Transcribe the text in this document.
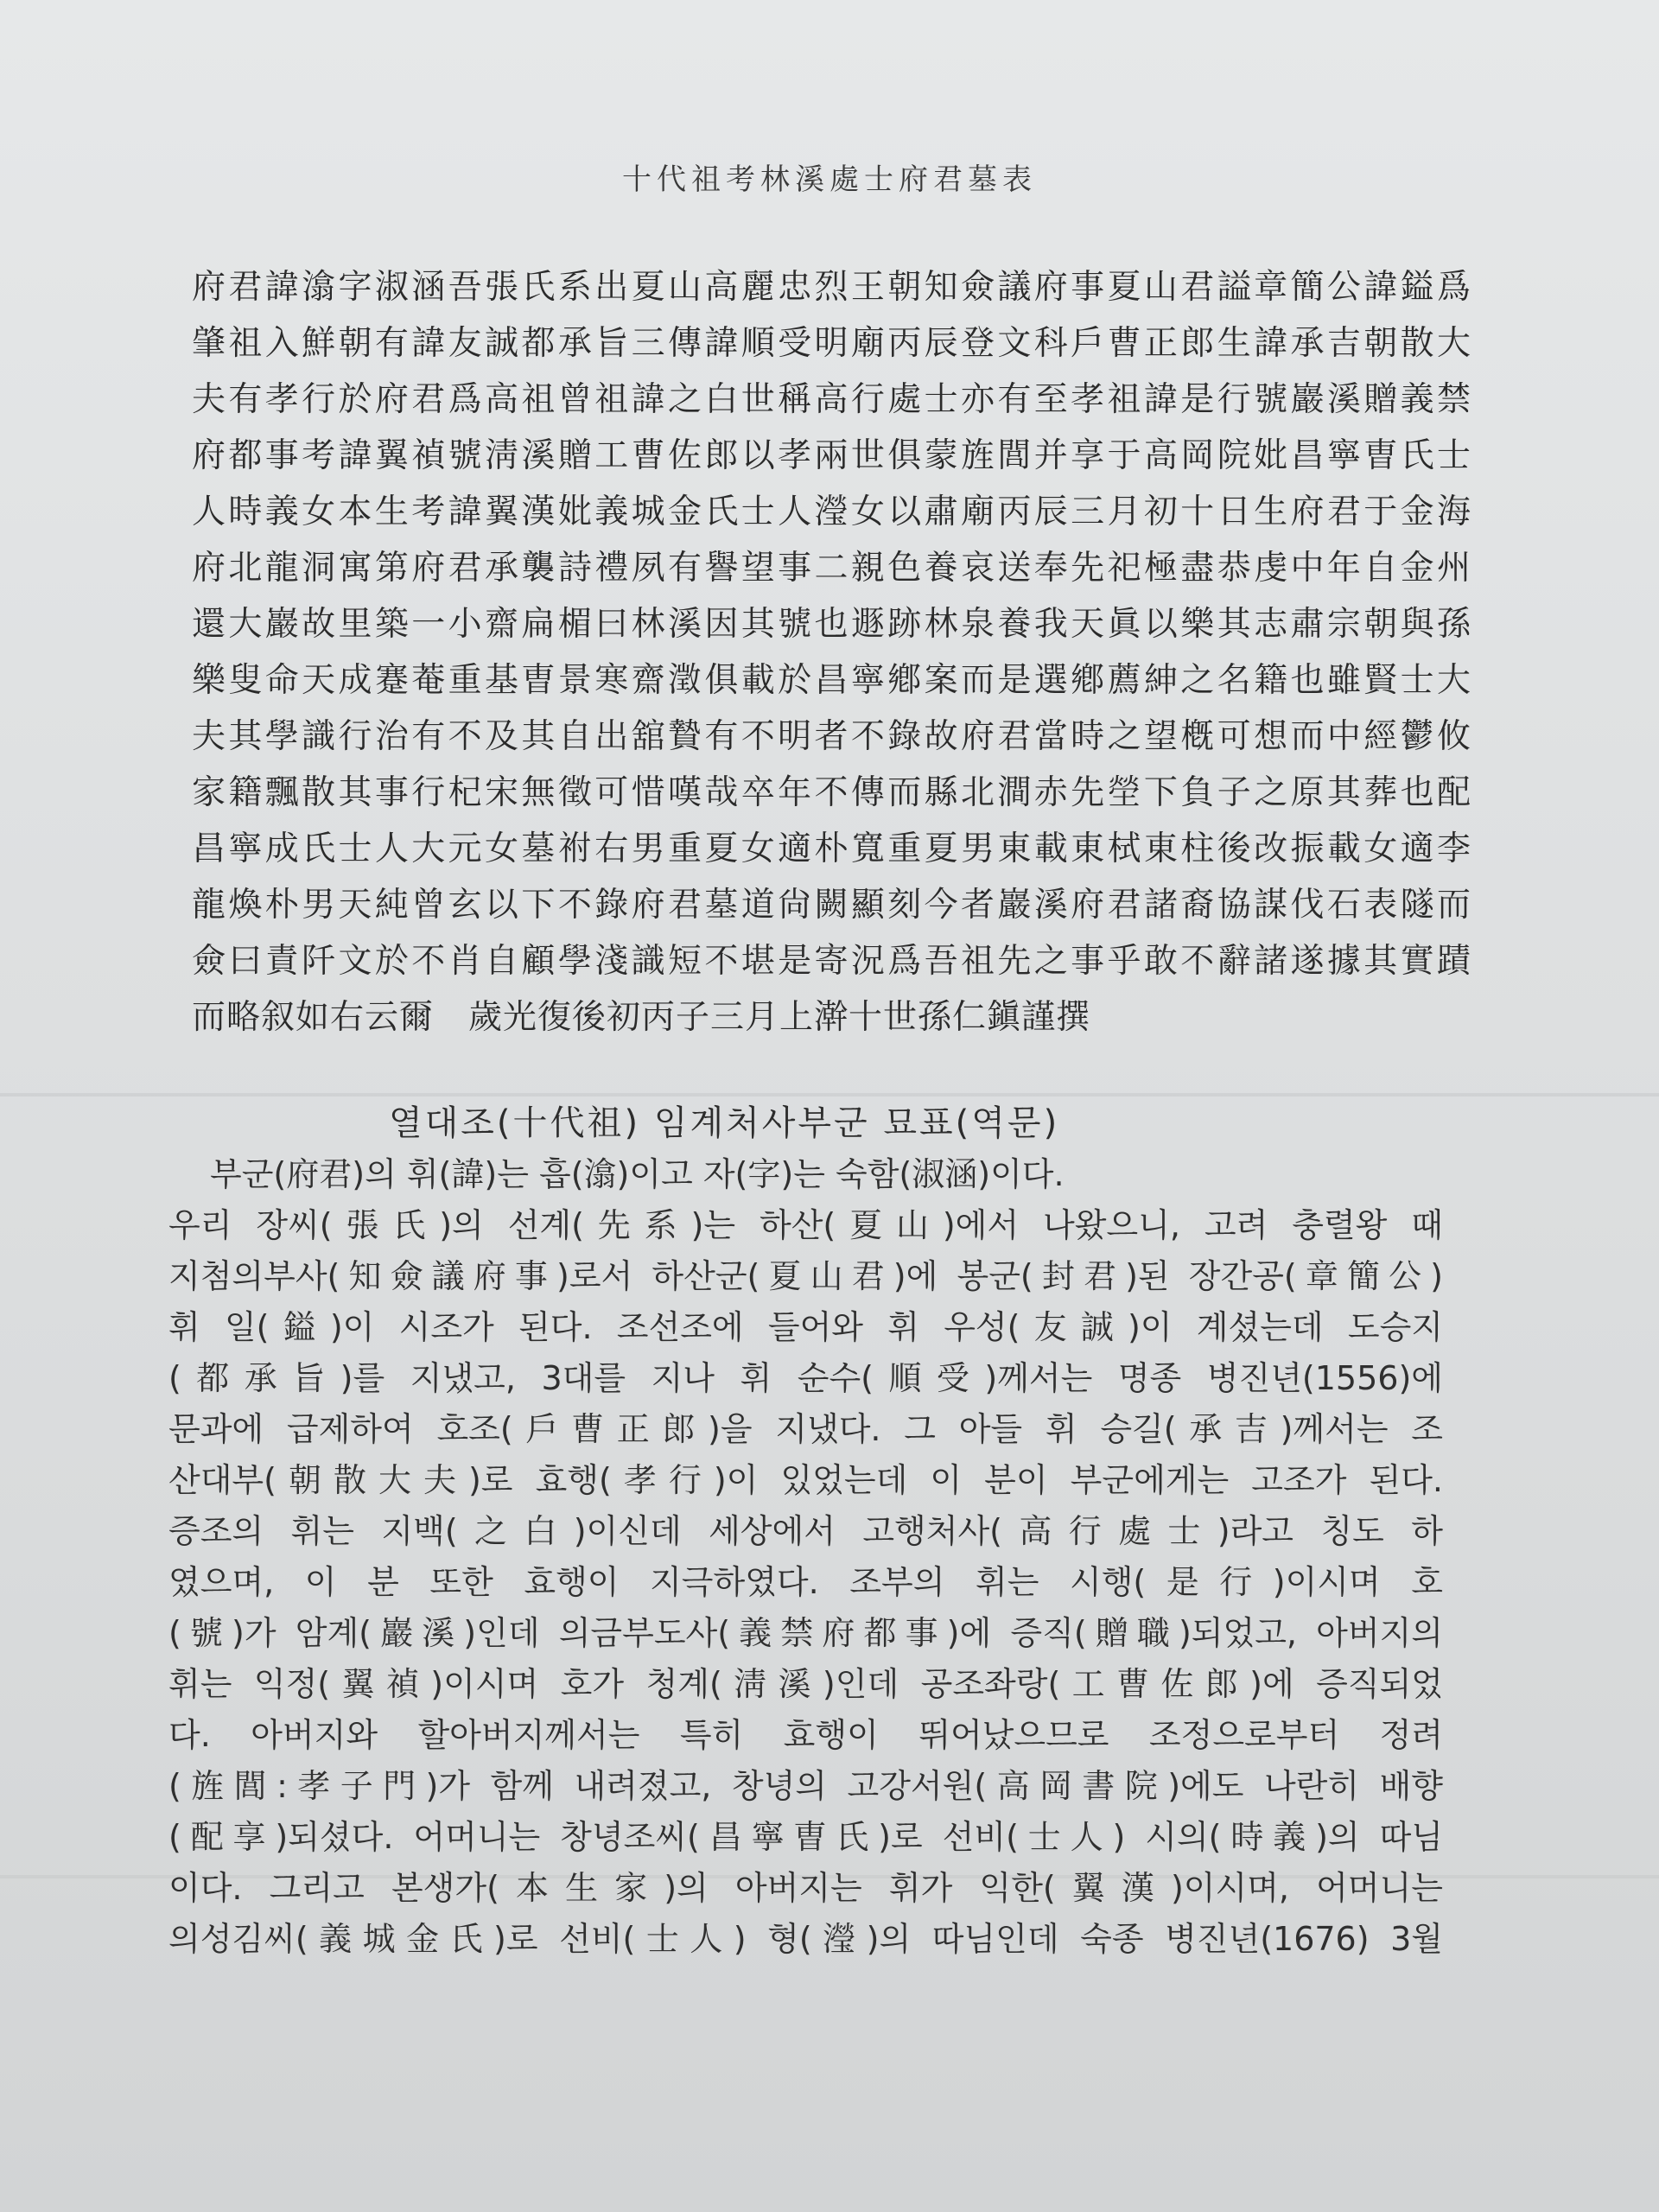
十代祖考林溪處士府君墓表
府君諱潝字淑涵吾張氏系出夏山高麗忠烈王朝知僉議府事夏山君謚章簡公諱鎰爲
肇祖入鮮朝有諱友誠都承旨三傳諱順受明廟丙辰登文科戶曹正郎生諱承吉朝散大
夫有孝行於府君爲高祖曾祖諱之白世稱高行處士亦有至孝祖諱是行號巖溪贈義禁
府都事考諱翼禎號淸溪贈工曹佐郎以孝兩世俱蒙旌閭并享于高岡院妣昌寧曺氏士
人時義女本生考諱翼漢妣義城金氏士人瀅女以肅廟丙辰三月初十日生府君于金海
府北龍洞寓第府君承襲詩禮夙有譽望事二親色養哀送奉先祀極盡恭虔中年自金州
還大巖故里築一小齋扁楣曰林溪因其號也遯跡林泉養我天眞以樂其志肅宗朝與孫
樂叟命天成蹇菴重基曺景寒齋澂俱載於昌寧鄕案而是選鄕薦紳之名籍也雖賢士大
夫其學識行治有不及其自出舘贄有不明者不錄故府君當時之望槪可想而中經鬱攸
家籍飄散其事行杞宋無徵可惜嘆哉卒年不傳而縣北澗赤先塋下負子之原其葬也配
昌寧成氏士人大元女墓祔右男重夏女適朴寬重夏男東載東栻東柱後改振載女適李
龍煥朴男天純曾玄以下不錄府君墓道尙闕顯刻今者巖溪府君諸裔協謀伐石表隧而
僉曰責阡文於不肖自顧學淺識短不堪是寄況爲吾祖先之事乎敢不辭諸遂據其實蹟
而略叙如右云爾　歲光復後初丙子三月上澣十世孫仁鎭謹撰
열대조(十代祖) 임계처사부군 묘표(역문)
부군(府君)의 휘(諱)는 흡(潝)이고 자(字)는 숙함(淑涵)이다.
우리 장씨(張氏)의 선계(先系)는 하산(夏山)에서 나왔으니, 고려 충렬왕 때
지첨의부사(知僉議府事)로서 하산군(夏山君)에 봉군(封君)된 장간공(章簡公)
휘 일(鎰)이 시조가 된다. 조선조에 들어와 휘 우성(友誠)이 계셨는데 도승지
(都承旨)를 지냈고, 3대를 지나 휘 순수(順受)께서는 명종 병진년(1556)에
문과에 급제하여 호조(戶曹正郎)을 지냈다. 그 아들 휘 승길(承吉)께서는 조
산대부(朝散大夫)로 효행(孝行)이 있었는데 이 분이 부군에게는 고조가 된다.
증조의 휘는 지백(之白)이신데 세상에서 고행처사(高行處士)라고 칭도 하
였으며, 이 분 또한 효행이 지극하였다. 조부의 휘는 시행(是行)이시며 호
(號)가 암계(巖溪)인데 의금부도사(義禁府都事)에 증직(贈職)되었고, 아버지의
휘는 익정(翼禎)이시며 호가 청계(淸溪)인데 공조좌랑(工曹佐郎)에 증직되었
다. 아버지와 할아버지께서는 특히 효행이 뛰어났으므로 조정으로부터 정려
(旌閭:孝子門)가 함께 내려졌고, 창녕의 고강서원(高岡書院)에도 나란히 배향
(配享)되셨다. 어머니는 창녕조씨(昌寧曺氏)로 선비(士人) 시의(時義)의 따님
이다. 그리고 본생가(本生家)의 아버지는 휘가 익한(翼漢)이시며, 어머니는
의성김씨(義城金氏)로 선비(士人) 형(瀅)의 따님인데 숙종 병진년(1676) 3월
